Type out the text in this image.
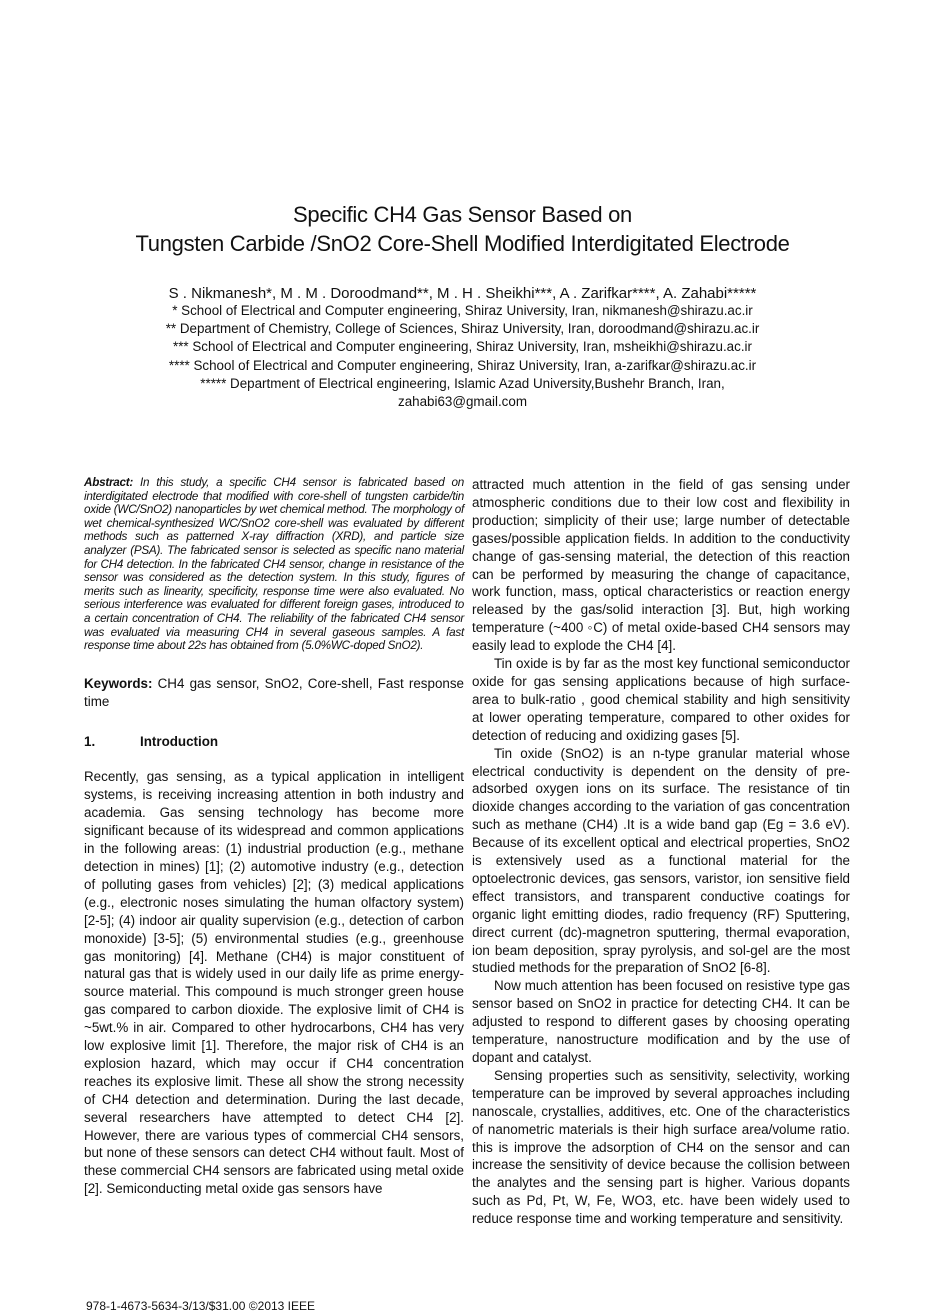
Specific CH4 Gas Sensor Based on
Tungsten Carbide /SnO2 Core-Shell Modified Interdigitated Electrode
S . Nikmanesh*, M . M . Doroodmand**, M . H . Sheikhi***, A . Zarifkar****, A. Zahabi*****
* School of Electrical and Computer engineering, Shiraz University, Iran, nikmanesh@shirazu.ac.ir
** Department of Chemistry, College of Sciences, Shiraz University, Iran, doroodmand@shirazu.ac.ir
*** School of Electrical and Computer engineering, Shiraz University, Iran, msheikhi@shirazu.ac.ir
**** School of Electrical and Computer engineering, Shiraz University, Iran, a-zarifkar@shirazu.ac.ir
***** Department of Electrical engineering, Islamic Azad University,Bushehr Branch, Iran,
zahabi63@gmail.com

Abstract: In this study, a specific CH4 sensor is fabricated based on interdigitated electrode that modified with core-shell of tungsten carbide/tin oxide (WC/SnO2) nanoparticles by wet chemical method. The morphology of wet chemical-synthesized WC/SnO2 core-shell was evaluated by different methods such as patterned X-ray diffraction (XRD), and particle size analyzer (PSA). The fabricated sensor is selected as specific nano material for CH4 detection. In the fabricated CH4 sensor, change in resistance of the sensor was considered as the detection system. In this study, figures of merits such as linearity, specificity, response time were also evaluated. No serious interference was evaluated for different foreign gases, introduced to a certain concentration of CH4. The reliability of the fabricated CH4 sensor was evaluated via measuring CH4 in several gaseous samples. A fast response time about 22s has obtained from (5.0%WC-doped SnO2).

Keywords: CH4 gas sensor, SnO2, Core-shell, Fast response time

1.	Introduction

Recently, gas sensing, as a typical application in intelligent systems, is receiving increasing attention in both industry and academia. Gas sensing technology has become more significant because of its widespread and common applications in the following areas: (1) industrial production (e.g., methane detection in mines) [1]; (2) automotive industry (e.g., detection of polluting gases from vehicles) [2]; (3) medical applications (e.g., electronic noses simulating the human olfactory system) [2-5]; (4) indoor air quality supervision (e.g., detection of carbon monoxide) [3-5]; (5) environmental studies (e.g., greenhouse gas monitoring) [4]. Methane (CH4) is major constituent of natural gas that is widely used in our daily life as prime energy-source material. This compound is much stronger green house gas compared to carbon dioxide. The explosive limit of CH4 is ~5wt.% in air. Compared to other hydrocarbons, CH4 has very low explosive limit [1]. Therefore, the major risk of CH4 is an explosion hazard, which may occur if CH4 concentration reaches its explosive limit. These all show the strong necessity of CH4 detection and determination. During the last decade, several researchers have attempted to detect CH4 [2]. However, there are various types of commercial CH4 sensors, but none of these sensors can detect CH4 without fault. Most of these commercial CH4 sensors are fabricated using metal oxide [2]. Semiconducting metal oxide gas sensors have

attracted much attention in the field of gas sensing under atmospheric conditions due to their low cost and flexibility in production; simplicity of their use; large number of detectable gases/possible application fields. In addition to the conductivity change of gas-sensing material, the detection of this reaction can be performed by measuring the change of capacitance, work function, mass, optical characteristics or reaction energy released by the gas/solid interaction [3]. But, high working temperature (~400 ◦C) of metal oxide-based CH4 sensors may easily lead to explode the CH4 [4].

Tin oxide is by far as the most key functional semiconductor oxide for gas sensing applications because of high surface-area to bulk-ratio , good chemical stability and high sensitivity at lower operating temperature, compared to other oxides for detection of reducing and oxidizing gases [5].

Tin oxide (SnO2) is an n-type granular material whose electrical conductivity is dependent on the density of pre-adsorbed oxygen ions on its surface. The resistance of tin dioxide changes according to the variation of gas concentration such as methane (CH4) .It is a wide band gap (Eg = 3.6 eV). Because of its excellent optical and electrical properties, SnO2 is extensively used as a functional material for the optoelectronic devices, gas sensors, varistor, ion sensitive field effect transistors, and transparent conductive coatings for organic light emitting diodes, radio frequency (RF) Sputtering, direct current (dc)-magnetron sputtering, thermal evaporation, ion beam deposition, spray pyrolysis, and sol-gel are the most studied methods for the preparation of SnO2 [6-8].

Now much attention has been focused on resistive type gas sensor based on SnO2 in practice for detecting CH4. It can be adjusted to respond to different gases by choosing operating temperature, nanostructure modification and by the use of dopant and catalyst.

Sensing properties such as sensitivity, selectivity, working temperature can be improved by several approaches including nanoscale, crystallies, additives, etc. One of the characteristics of nanometric materials is their high surface area/volume ratio. this is improve the adsorption of CH4 on the sensor and can increase the sensitivity of device because the collision between the analytes and the sensing part is higher. Various dopants such as Pd, Pt, W, Fe, WO3, etc. have been widely used to reduce response time and working temperature and sensitivity.

978-1-4673-5634-3/13/$31.00 ©2013 IEEE
